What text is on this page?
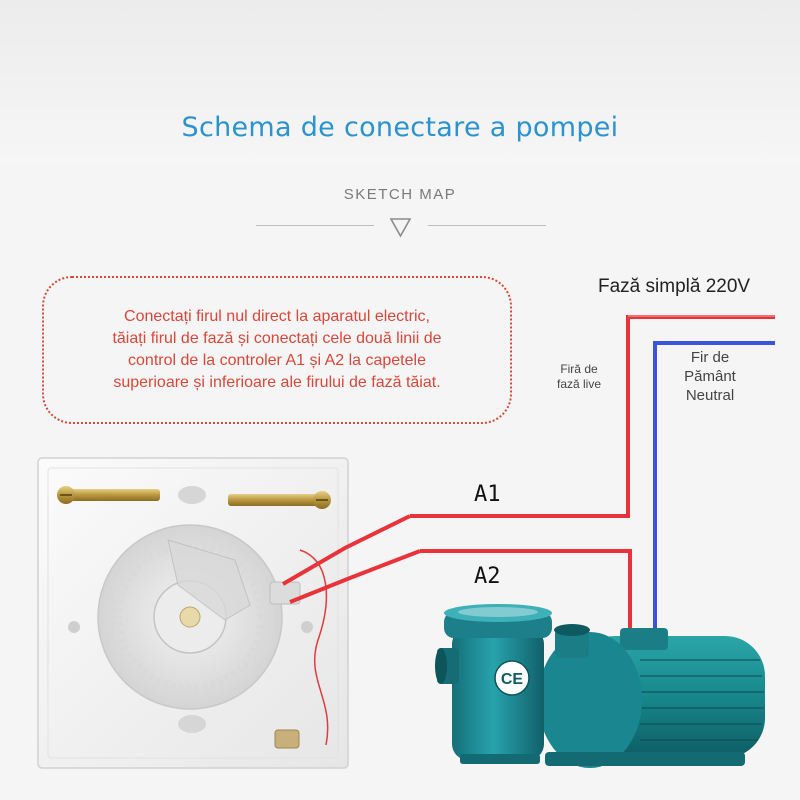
Schema de conectare a pompei
SKETCH MAP
Conectați firul nul direct la aparatul electric,
tăiați firul de fază și conectați cele două linii de
control de la controler A1 și A2 la capetele
superioare și inferioare ale firului de fază tăiat.
CE
Fază simplă 220V
Firă de
fază live
Fir de
Pământ
Neutral
A1
A2
